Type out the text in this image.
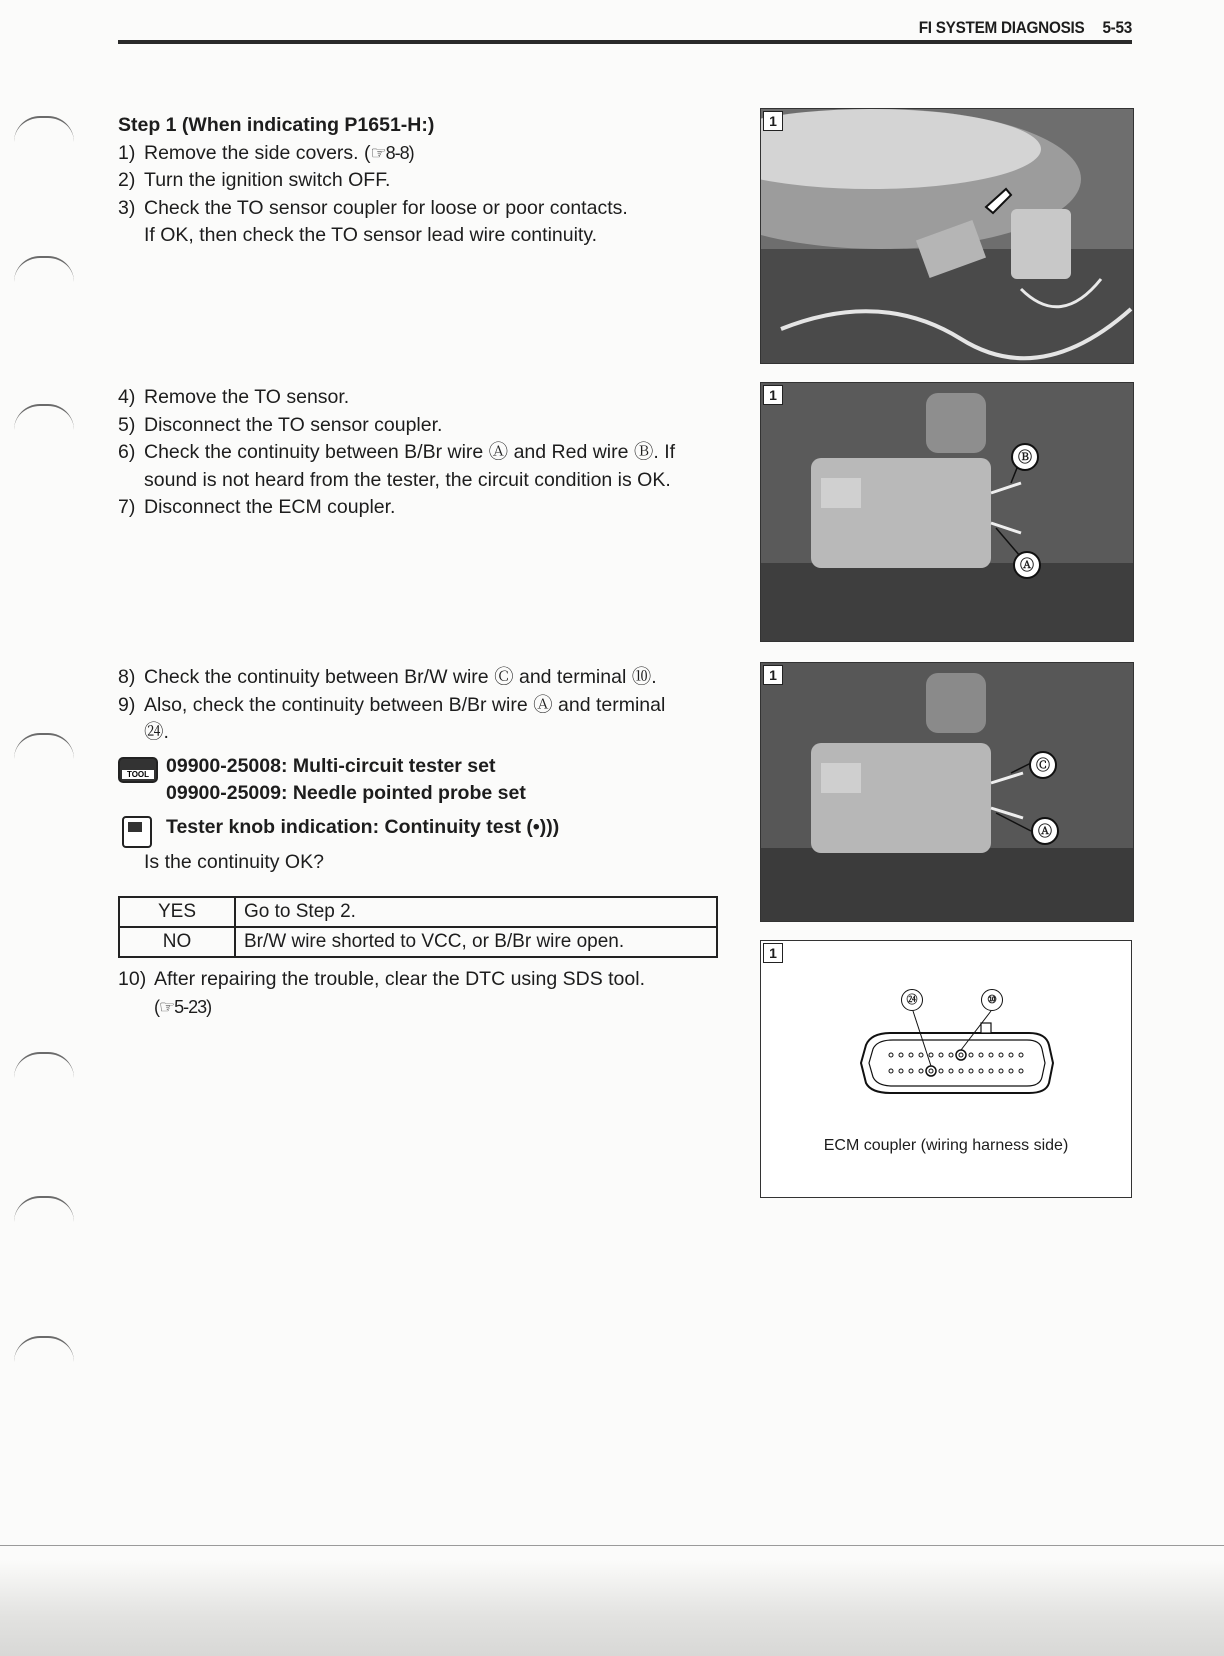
FI SYSTEM DIAGNOSIS 5-53
Step 1 (When indicating P1651-H:)
1) Remove the side covers. (☞8-8)
2) Turn the ignition switch OFF.
3) Check the TO sensor coupler for loose or poor contacts.
If OK, then check the TO sensor lead wire continuity.
4) Remove the TO sensor.
5) Disconnect the TO sensor coupler.
6) Check the continuity between B/Br wire Ⓐ and Red wire Ⓑ. If
sound is not heard from the tester, the circuit condition is OK.
7) Disconnect the ECM coupler.
8) Check the continuity between Br/W wire Ⓒ and terminal ⑩.
9) Also, check the continuity between B/Br wire Ⓐ and terminal
㉔.
TOOL 09900-25008: Multi-circuit tester set
09900-25009: Needle pointed probe set
Tester knob indication: Continuity test (•)))
Is the continuity OK?
YES	Go to Step 2.
NO	Br/W wire shorted to VCC, or B/Br wire open.
10) After repairing the trouble, clear the DTC using SDS tool.
(☞5-23)
1
1
Ⓑ
Ⓐ
1
Ⓒ
Ⓐ
1
㉔	⑩
ECM coupler (wiring harness side)
